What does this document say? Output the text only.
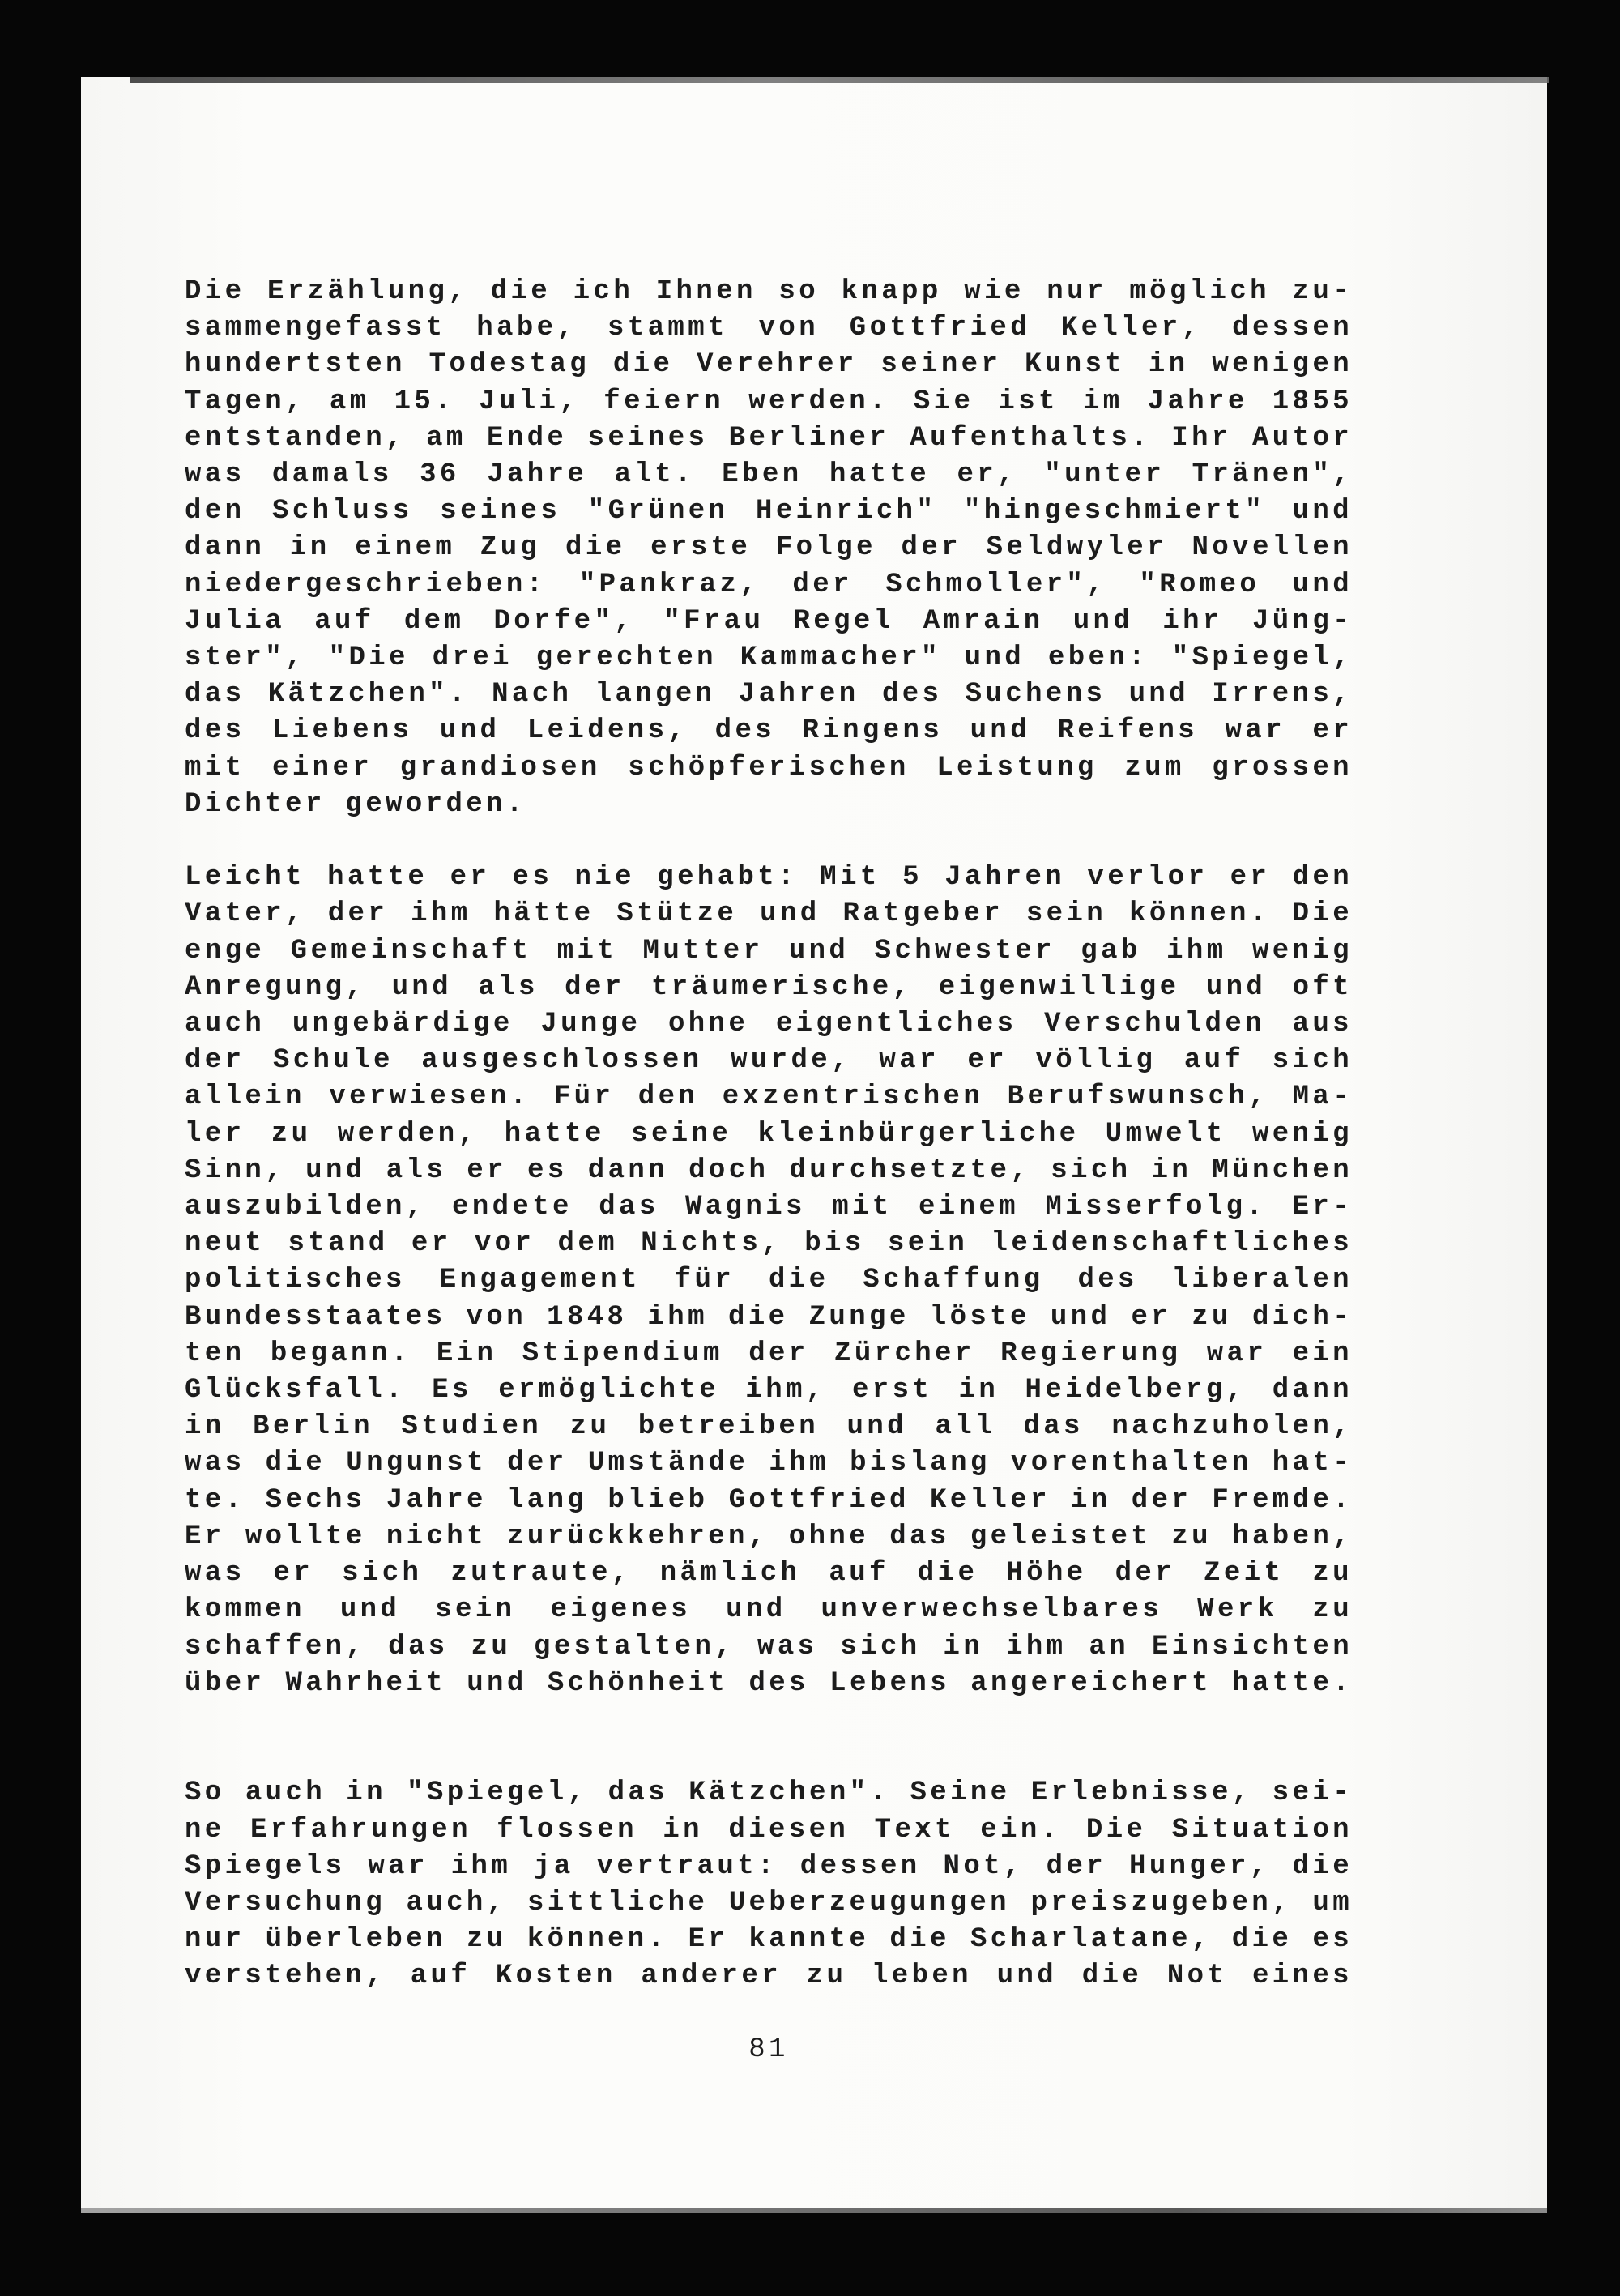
Die Erzählung, die ich Ihnen so knapp wie nur möglich zu-
sammengefasst habe, stammt von Gottfried Keller, dessen
hundertsten Todestag die Verehrer seiner Kunst in wenigen
Tagen, am 15. Juli, feiern werden. Sie ist im Jahre 1855
entstanden, am Ende seines Berliner Aufenthalts. Ihr Autor
was damals 36 Jahre alt. Eben hatte er, "unter Tränen",
den Schluss seines "Grünen Heinrich" "hingeschmiert" und
dann in einem Zug die erste Folge der Seldwyler Novellen
niedergeschrieben: "Pankraz, der Schmoller", "Romeo und
Julia auf dem Dorfe", "Frau Regel Amrain und ihr Jüng-
ster", "Die drei gerechten Kammacher" und eben: "Spiegel,
das Kätzchen". Nach langen Jahren des Suchens und Irrens,
des Liebens und Leidens, des Ringens und Reifens war er
mit einer grandiosen schöpferischen Leistung zum grossen
Dichter geworden.
Leicht hatte er es nie gehabt: Mit 5 Jahren verlor er den
Vater, der ihm hätte Stütze und Ratgeber sein können. Die
enge Gemeinschaft mit Mutter und Schwester gab ihm wenig
Anregung, und als der träumerische, eigenwillige und oft
auch ungebärdige Junge ohne eigentliches Verschulden aus
der Schule ausgeschlossen wurde, war er völlig auf sich
allein verwiesen. Für den exzentrischen Berufswunsch, Ma-
ler zu werden, hatte seine kleinbürgerliche Umwelt wenig
Sinn, und als er es dann doch durchsetzte, sich in München
auszubilden, endete das Wagnis mit einem Misserfolg. Er-
neut stand er vor dem Nichts, bis sein leidenschaftliches
politisches Engagement für die Schaffung des liberalen
Bundesstaates von 1848 ihm die Zunge löste und er zu dich-
ten begann. Ein Stipendium der Zürcher Regierung war ein
Glücksfall. Es ermöglichte ihm, erst in Heidelberg, dann
in Berlin Studien zu betreiben und all das nachzuholen,
was die Ungunst der Umstände ihm bislang vorenthalten hat-
te. Sechs Jahre lang blieb Gottfried Keller in der Fremde.
Er wollte nicht zurückkehren, ohne das geleistet zu haben,
was er sich zutraute, nämlich auf die Höhe der Zeit zu
kommen und sein eigenes und unverwechselbares Werk zu
schaffen, das zu gestalten, was sich in ihm an Einsichten
über Wahrheit und Schönheit des Lebens angereichert hatte.
So auch in "Spiegel, das Kätzchen". Seine Erlebnisse, sei-
ne Erfahrungen flossen in diesen Text ein. Die Situation
Spiegels war ihm ja vertraut: dessen Not, der Hunger, die
Versuchung auch, sittliche Ueberzeugungen preiszugeben, um
nur überleben zu können. Er kannte die Scharlatane, die es
verstehen, auf Kosten anderer zu leben und die Not eines
81
